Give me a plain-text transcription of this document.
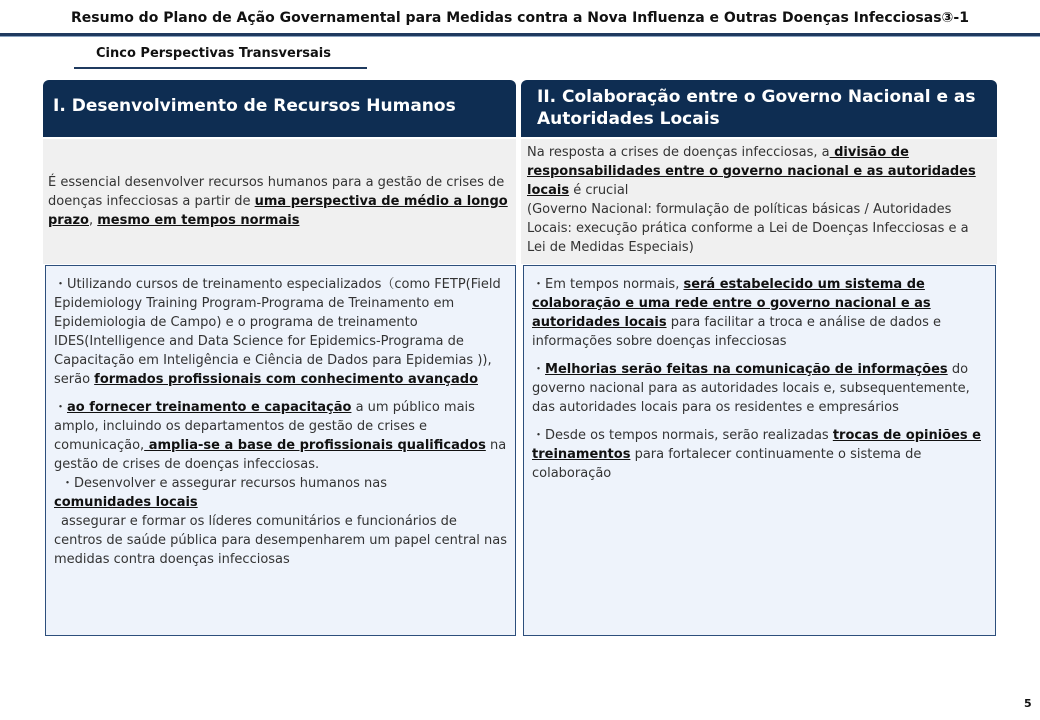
Resumo do Plano de Ação Governamental para Medidas contra a Nova Influenza e Outras Doenças Infecciosas③-1
Cinco Perspectivas Transversais
I. Desenvolvimento de Recursos Humanos
É essencial desenvolver recursos humanos para a gestão de crises de doenças infecciosas a partir de uma perspectiva de médio a longo prazo, mesmo em tempos normais
・Utilizando cursos de treinamento especializados（como FETP(Field Epidemiology Training Program-Programa de Treinamento em Epidemiologia de Campo) e o programa de treinamento IDES(Intelligence and Data Science for Epidemics-Programa de Capacitação em Inteligência e Ciência de Dados para Epidemias )), serão formados profissionais com conhecimento avançado
・ao fornecer treinamento e capacitação a um público mais amplo, incluindo os departamentos de gestão de crises e comunicação, amplia-se a base de profissionais qualificados na gestão de crises de doenças infecciosas.
・Desenvolver e assegurar recursos humanos nas
comunidades locais
assegurar e formar os líderes comunitários e funcionários de centros de saúde pública para desempenharem um papel central nas medidas contra doenças infecciosas
II. Colaboração entre o Governo Nacional e as Autoridades Locais
Na resposta a crises de doenças infecciosas, a divisão de responsabilidades entre o governo nacional e as autoridades locais é crucial
(Governo Nacional: formulação de políticas básicas / Autoridades Locais: execução prática conforme a Lei de Doenças Infecciosas e a Lei de Medidas Especiais)
・Em tempos normais, será estabelecido um sistema de colaboração e uma rede entre o governo nacional e as autoridades locais para facilitar a troca e análise de dados e informações sobre doenças infecciosas
・Melhorias serão feitas na comunicação de informações do governo nacional para as autoridades locais e, subsequentemente, das autoridades locais para os residentes e empresários
・Desde os tempos normais, serão realizadas trocas de opiniões e treinamentos para fortalecer continuamente o sistema de colaboração
5
